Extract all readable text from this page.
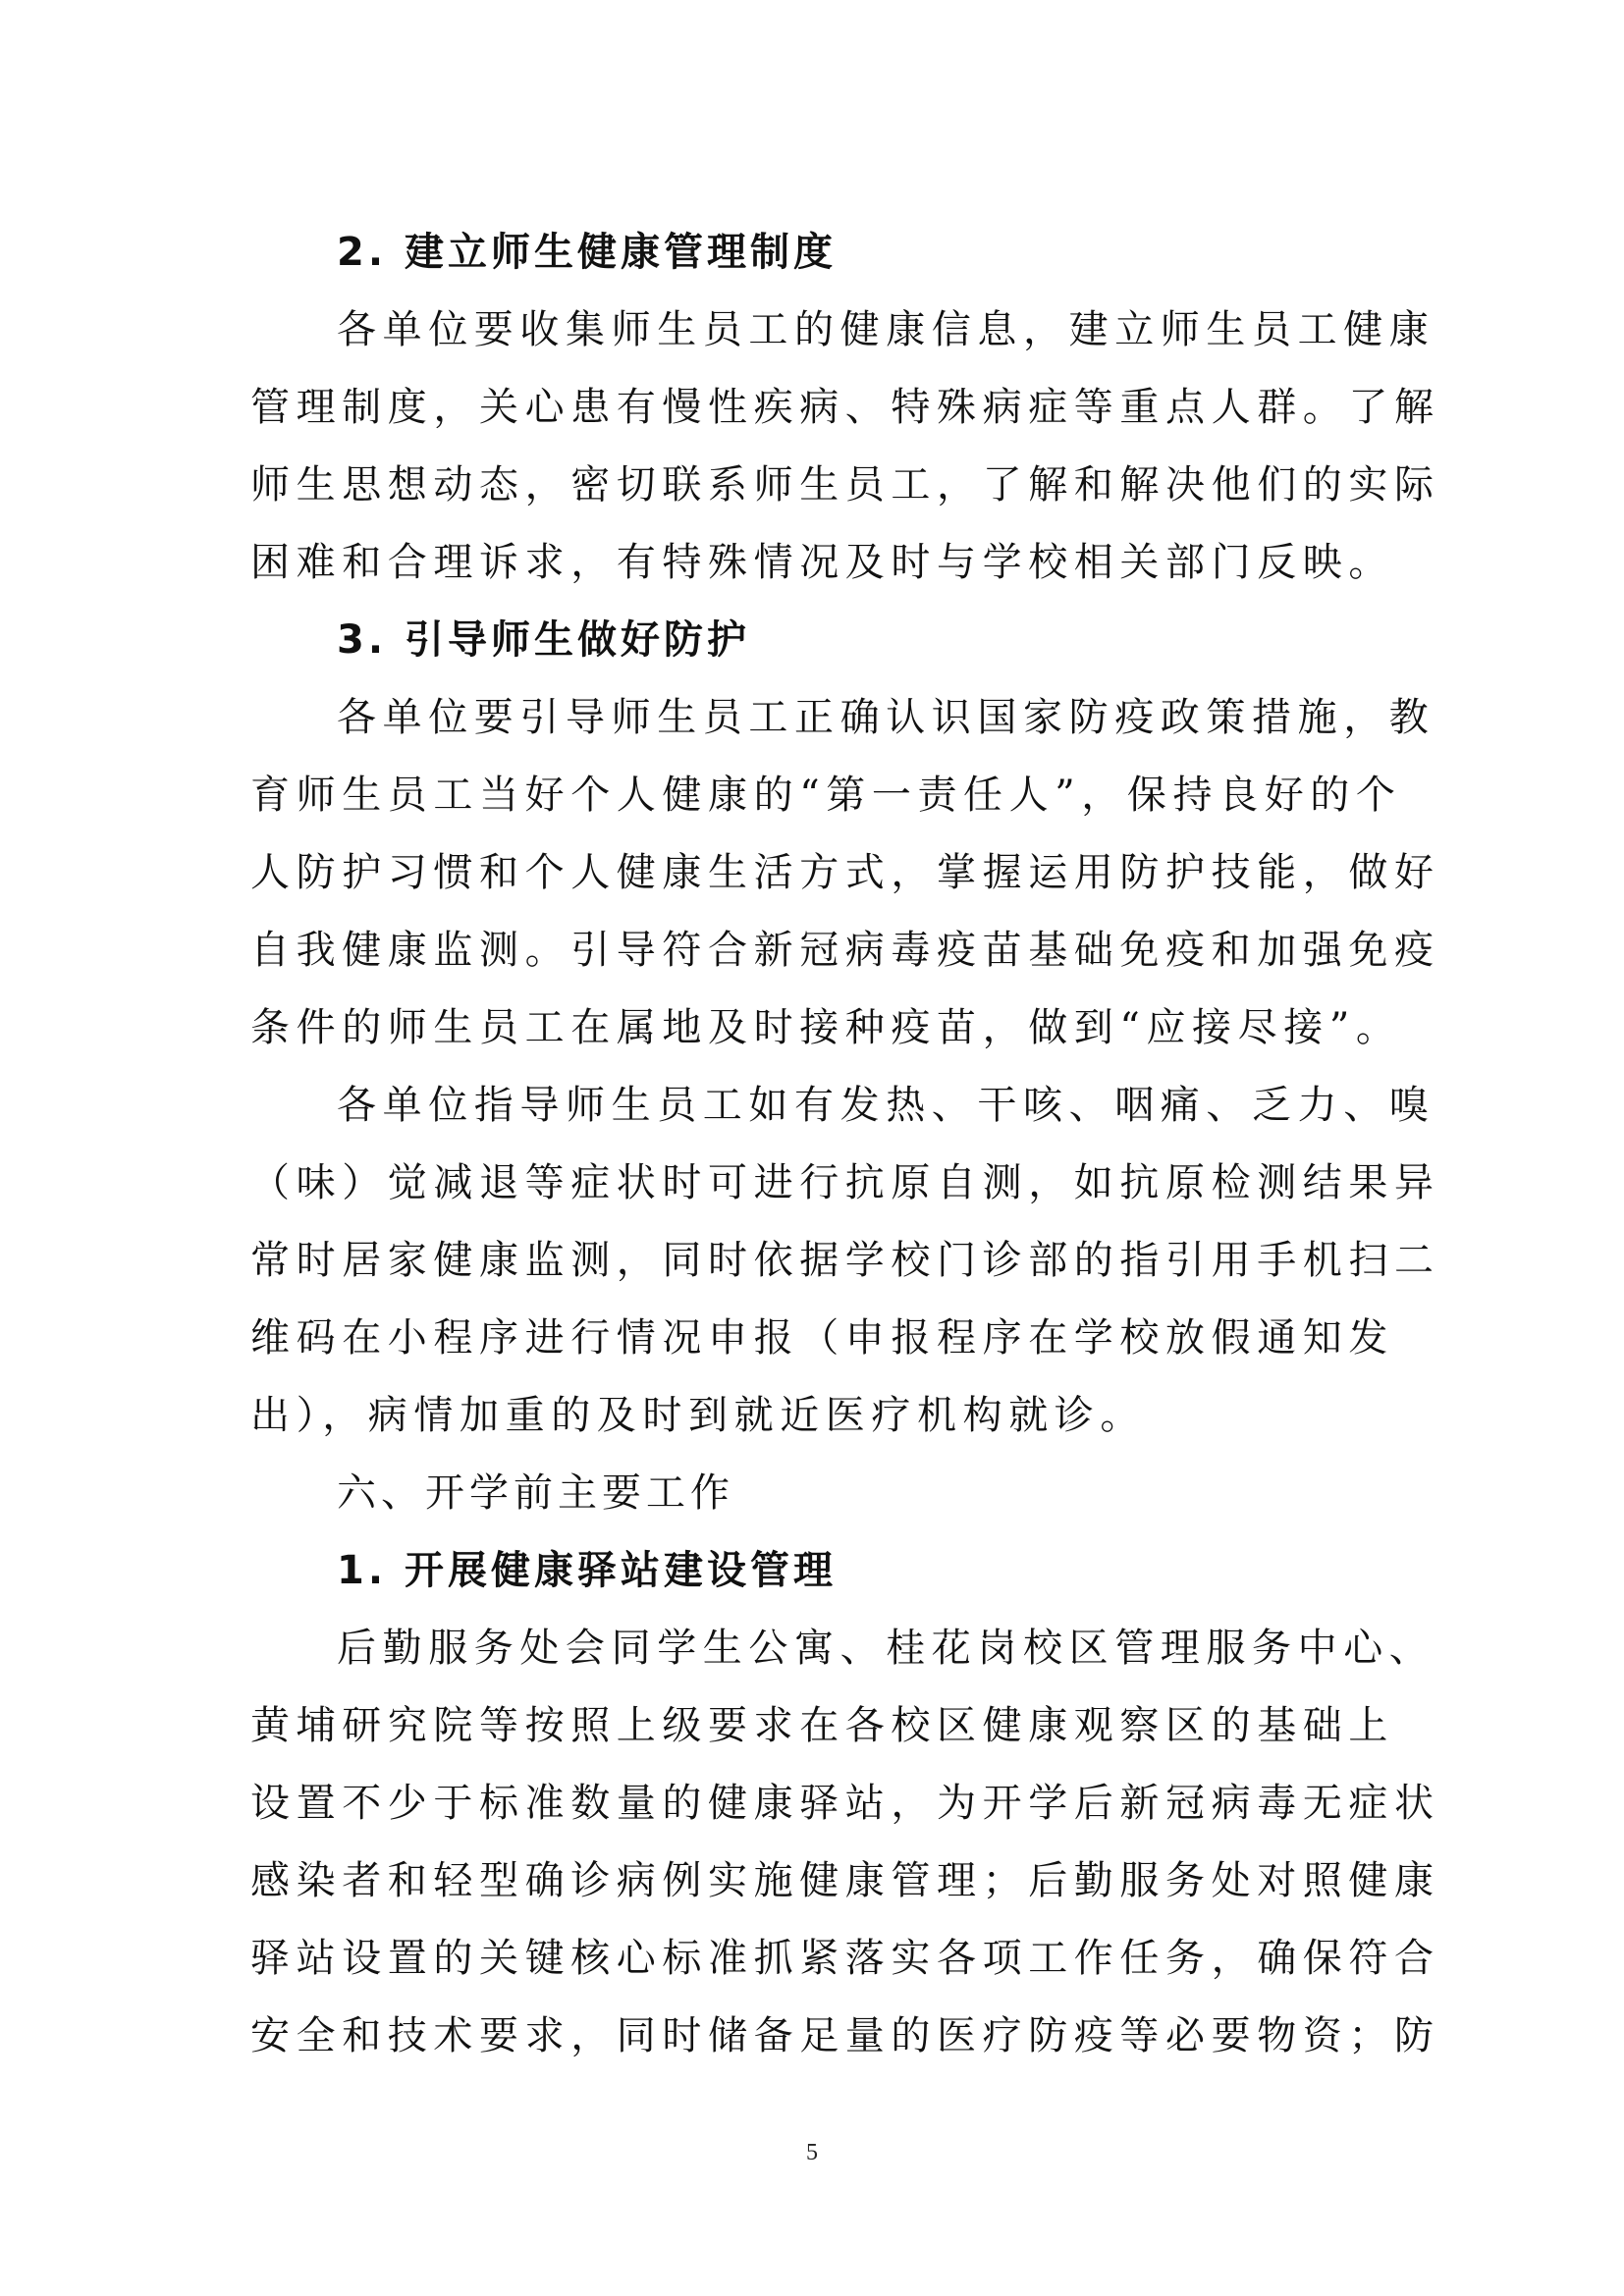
2. 建立师生健康管理制度
各单位要收集师生员工的健康信息，建立师生员工健康
管理制度，关心患有慢性疾病、特殊病症等重点人群。了解
师生思想动态，密切联系师生员工，了解和解决他们的实际
困难和合理诉求，有特殊情况及时与学校相关部门反映。
3. 引导师生做好防护
各单位要引导师生员工正确认识国家防疫政策措施，教
育师生员工当好个人健康的“第一责任人”，保持良好的个
人防护习惯和个人健康生活方式，掌握运用防护技能，做好
自我健康监测。引导符合新冠病毒疫苗基础免疫和加强免疫
条件的师生员工在属地及时接种疫苗，做到“应接尽接”。
各单位指导师生员工如有发热、干咳、咽痛、乏力、嗅
（味）觉减退等症状时可进行抗原自测，如抗原检测结果异
常时居家健康监测，同时依据学校门诊部的指引用手机扫二
维码在小程序进行情况申报（申报程序在学校放假通知发
出），病情加重的及时到就近医疗机构就诊。
六、开学前主要工作
1. 开展健康驿站建设管理
后勤服务处会同学生公寓、桂花岗校区管理服务中心、
黄埔研究院等按照上级要求在各校区健康观察区的基础上
设置不少于标准数量的健康驿站，为开学后新冠病毒无症状
感染者和轻型确诊病例实施健康管理；后勤服务处对照健康
驿站设置的关键核心标准抓紧落实各项工作任务，确保符合
安全和技术要求，同时储备足量的医疗防疫等必要物资；防
5
